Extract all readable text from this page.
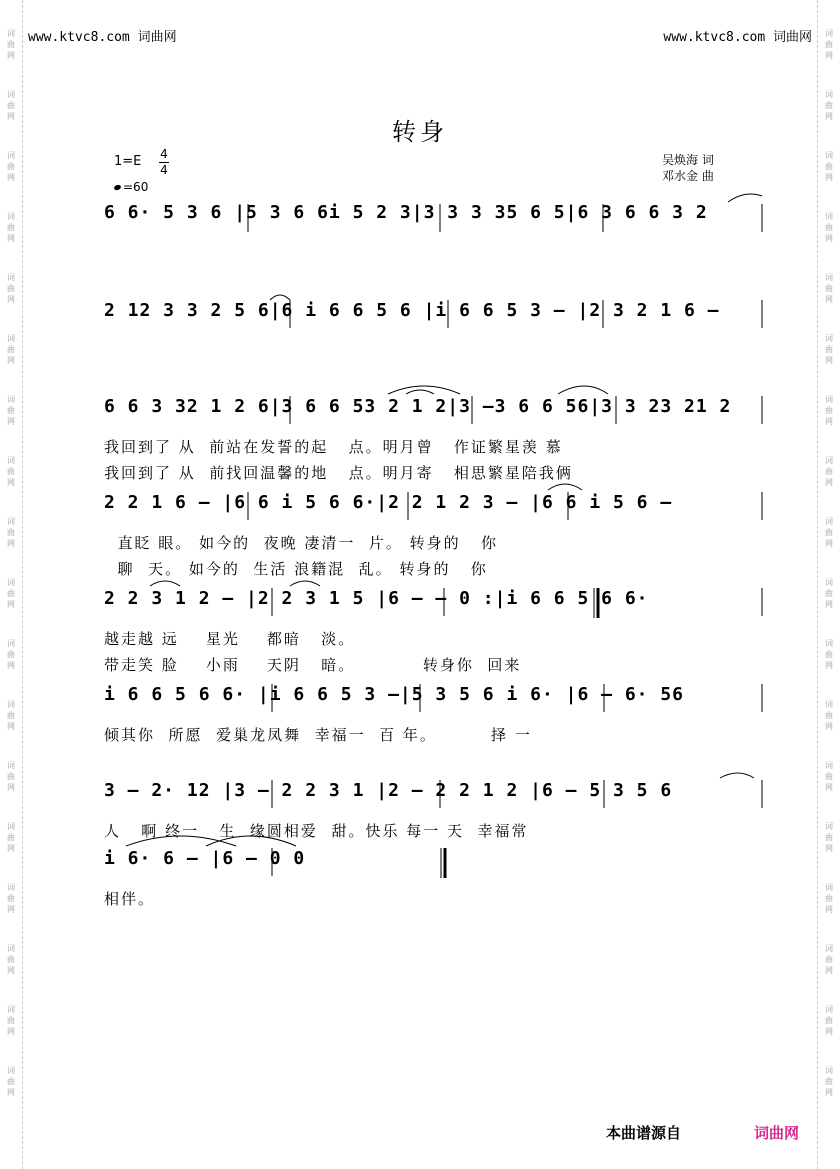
词曲网
词曲网
词曲网
词曲网
词曲网
词曲网
词曲网
词曲网
词曲网
词曲网
词曲网
词曲网
词曲网
词曲网
词曲网
词曲网
词曲网
词曲网
词曲网
词曲网
词曲网
词曲网
词曲网
词曲网
词曲网
词曲网
词曲网
词曲网
词曲网
词曲网
词曲网
词曲网
词曲网
词曲网
词曲网
词曲网
www.ktvc8.com 词曲网	www.ktvc8.com 词曲网
转身
1=E 4
4
=60
吴焕海 词
邓水金 曲
6 6· 5 3 6 |5 3 6 6i 5 2 3|3 3 3 35 6 5|6 3 6 6 3 2
2 12 3 3 2 5 6|6 i 6 6 5 6 |i 6 6 5 3 – |2 3 2 1 6 –
6 6 3 32 1 2 6|3 6 6 53 2 1 2|3 –3 6 6 56|3 3 23 21 2
我回到了 从  前站在发誓的起   点。明月曾   作证繁星羡 慕
我回到了 从  前找回温馨的地   点。明月寄   相思繁星陪我俩
2 2 1 6 – |6 6 i 5 6 6·|2 2 1 2 3 – |6 6 i 5 6 –
直眨 眼。 如今的  夜晚 凄清一  片。 转身的   你
聊  天。 如今的  生活 浪籍混  乱。 转身的   你
2 2 3 1 2 – |2 2 3 1 5 |6 – – 0 :|i 6 6 5 6 6·
越走越 远    星光    都暗   淡。
带走笑 脸    小雨    天阴   暗。          转身你  回来
i 6 6 5 6 6· |i 6 6 5 3 –|5 3 5 6 i 6· |6 – 6· 56
倾其你  所愿  爱巢龙凤舞  幸福一  百 年。        择 一
3 – 2· 12 |3 – 2 2 3 1 |2 – 2 2 1 2 |6 – 5 3 5 6
人   啊 终一   生  缘圆相爱  甜。快乐 每一 天  幸福常
i 6· 6 – |6 – 0 0
相伴。
本曲谱源自	词曲网
